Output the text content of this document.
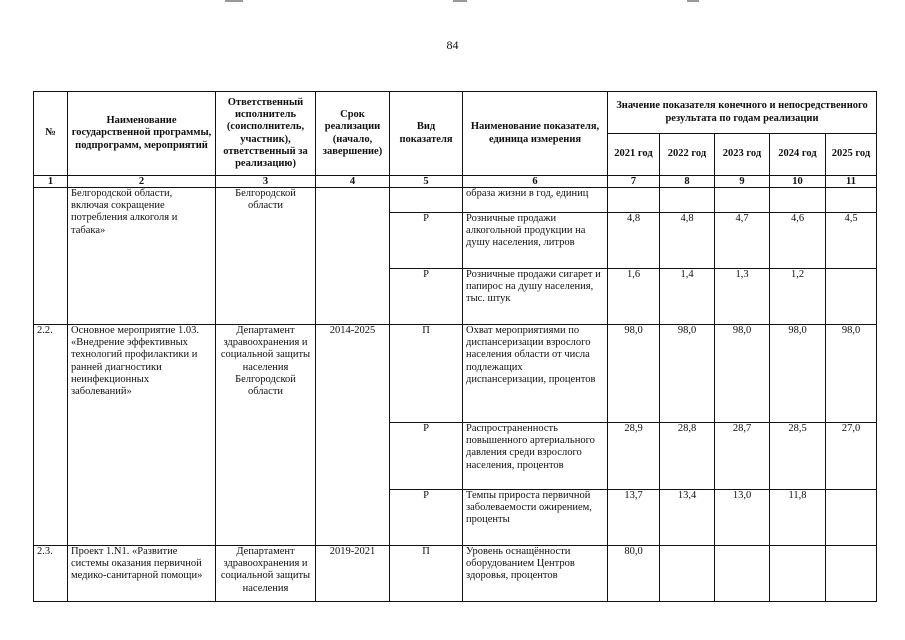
84
№	Наименование государственной программы, подпрограмм, мероприятий	Ответственный исполнитель (соисполнитель, участник), ответственный за реализацию)	Срок реализации (начало, завершение)	Вид показателя	Наименование показателя, единица измерения	Значение показателя конечного и непосредственного результата по годам реализации				
						2021 год	2022 год	2023 год	2024 год	2025 год
1	2	3	4	5	6	7	8	9	10	11
	Белгородской области, включая сокращение потребления алкоголя и табака»	Белгородской области			образа жизни в год, единиц					
				Р	Розничные продажи алкогольной продукции на душу населения, литров	4,8	4,8	4,7	4,6	4,5
				Р	Розничные продажи сигарет и папирос на душу населения, тыс. штук	1,6	1,4	1,3	1,2	
2.2.	Основное мероприятие 1.03. «Внедрение эффективных технологий профилактики и ранней диагностики неинфекционных заболеваний»	Департамент здравоохранения и социальной защиты населения Белгородской области	2014-2025	П	Охват мероприятиями по диспансеризации взрослого населения области от числа подлежащих диспансеризации, процентов	98,0	98,0	98,0	98,0	98,0
				Р	Распространенность повышенного артериального давления среди взрослого населения, процентов	28,9	28,8	28,7	28,5	27,0
				Р	Темпы прироста первичной заболеваемости ожирением, проценты	13,7	13,4	13,0	11,8	
2.3.	Проект 1.N1. «Развитие системы оказания первичной медико-санитарной помощи»	Департамент здравоохранения и социальной защиты населения	2019-2021	П	Уровень оснащённости оборудованием Центров здоровья, процентов	80,0				
